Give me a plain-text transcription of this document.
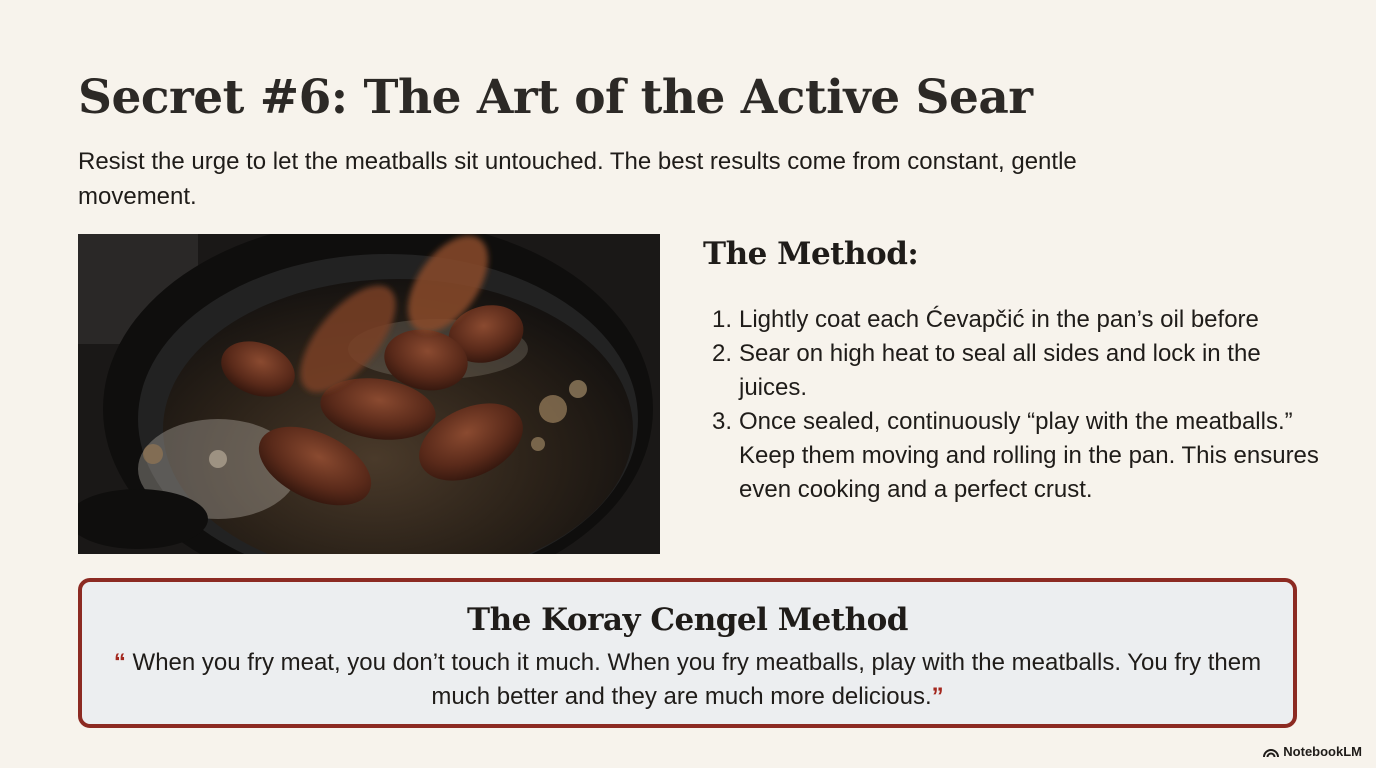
Secret #6: The Art of the Active Sear

Resist the urge to let the meatballs sit untouched. The best results come from constant, gentle movement.

The Method:
1. Lightly coat each Ćevapčić in the pan’s oil before
2. Sear on high heat to seal all sides and lock in the juices.
3. Once sealed, continuously “play with the meatballs.” Keep them moving and rolling in the pan. This ensures even cooking and a perfect crust.
The Koray Cengel Method
“ When you fry meat, you don’t touch it much. When you fry meatballs, play with the meatballs. You fry them much better and they are much more delicious.”
NotebookLM
